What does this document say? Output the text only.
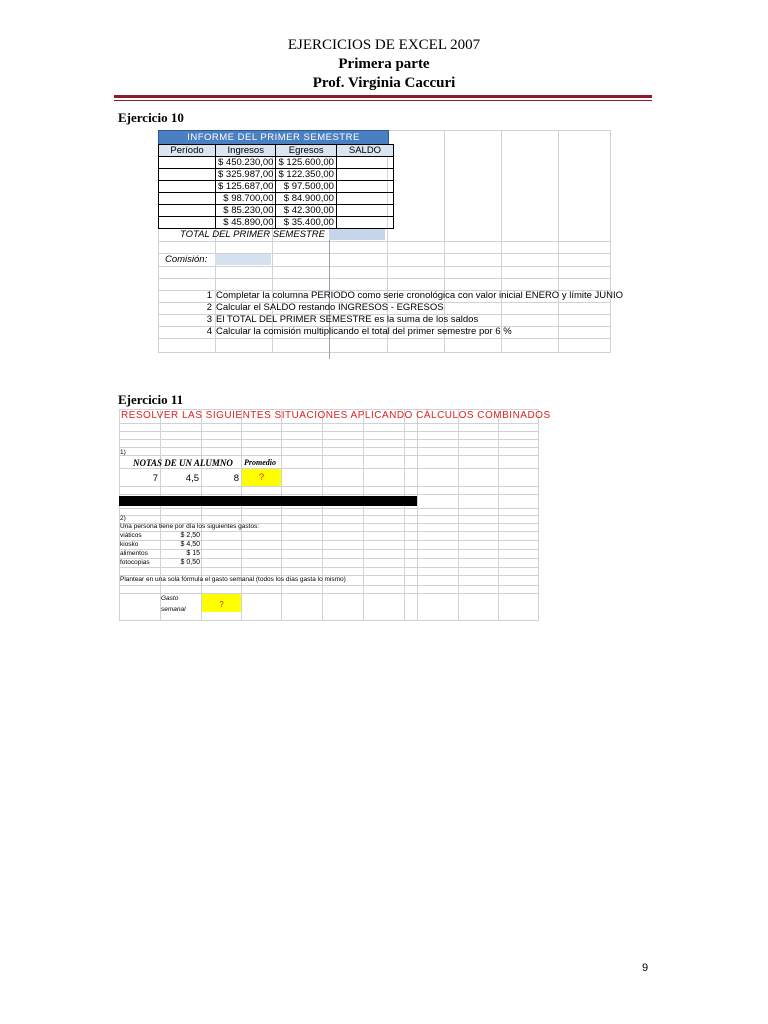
EJERCICIOS DE EXCEL 2007
Primera parte
Prof. Virginia Caccuri
Ejercicio 10
INFORME DEL PRIMER SEMESTRE
Período	Ingresos	Egresos	SALDO
	$ 450.230,00	$ 125.600,00	
	$ 325.987,00	$ 122.350,00	
	$ 125.687,00	$ 97.500,00	
	$ 98.700,00	$ 84.900,00	
	$ 85.230,00	$ 42.300,00	
	$ 45.890,00	$ 35.400,00	
TOTAL DEL PRIMER SEMESTRE
Comisión:
1 Completar la columna PERIODO como serie cronológica con valor inicial ENERO y límite JUNIO
2 Calcular el SALDO restando INGRESOS - EGRESOS
3 El TOTAL DEL PRIMER SEMESTRE es la suma de los saldos
4 Calcular la comisión multiplicando el total del primer semestre por 6 %
Ejercicio 11
RESOLVER LAS SIGUIENTES SITUACIONES APLICANDO CÁLCULOS COMBINADOS
1)
NOTAS DE UN ALUMNO Promedio
7	4,5	8	?
2)
Una persona tiene por día los siguientes gastos:
viáticos	$ 2,50
kiosko	$ 4,50
alimentos	$ 15
fotocopias	$ 0,50
Plantear en una sola fórmula el gasto semanal (todos los días gasta lo mismo)
Gasto
semanal
?
9
